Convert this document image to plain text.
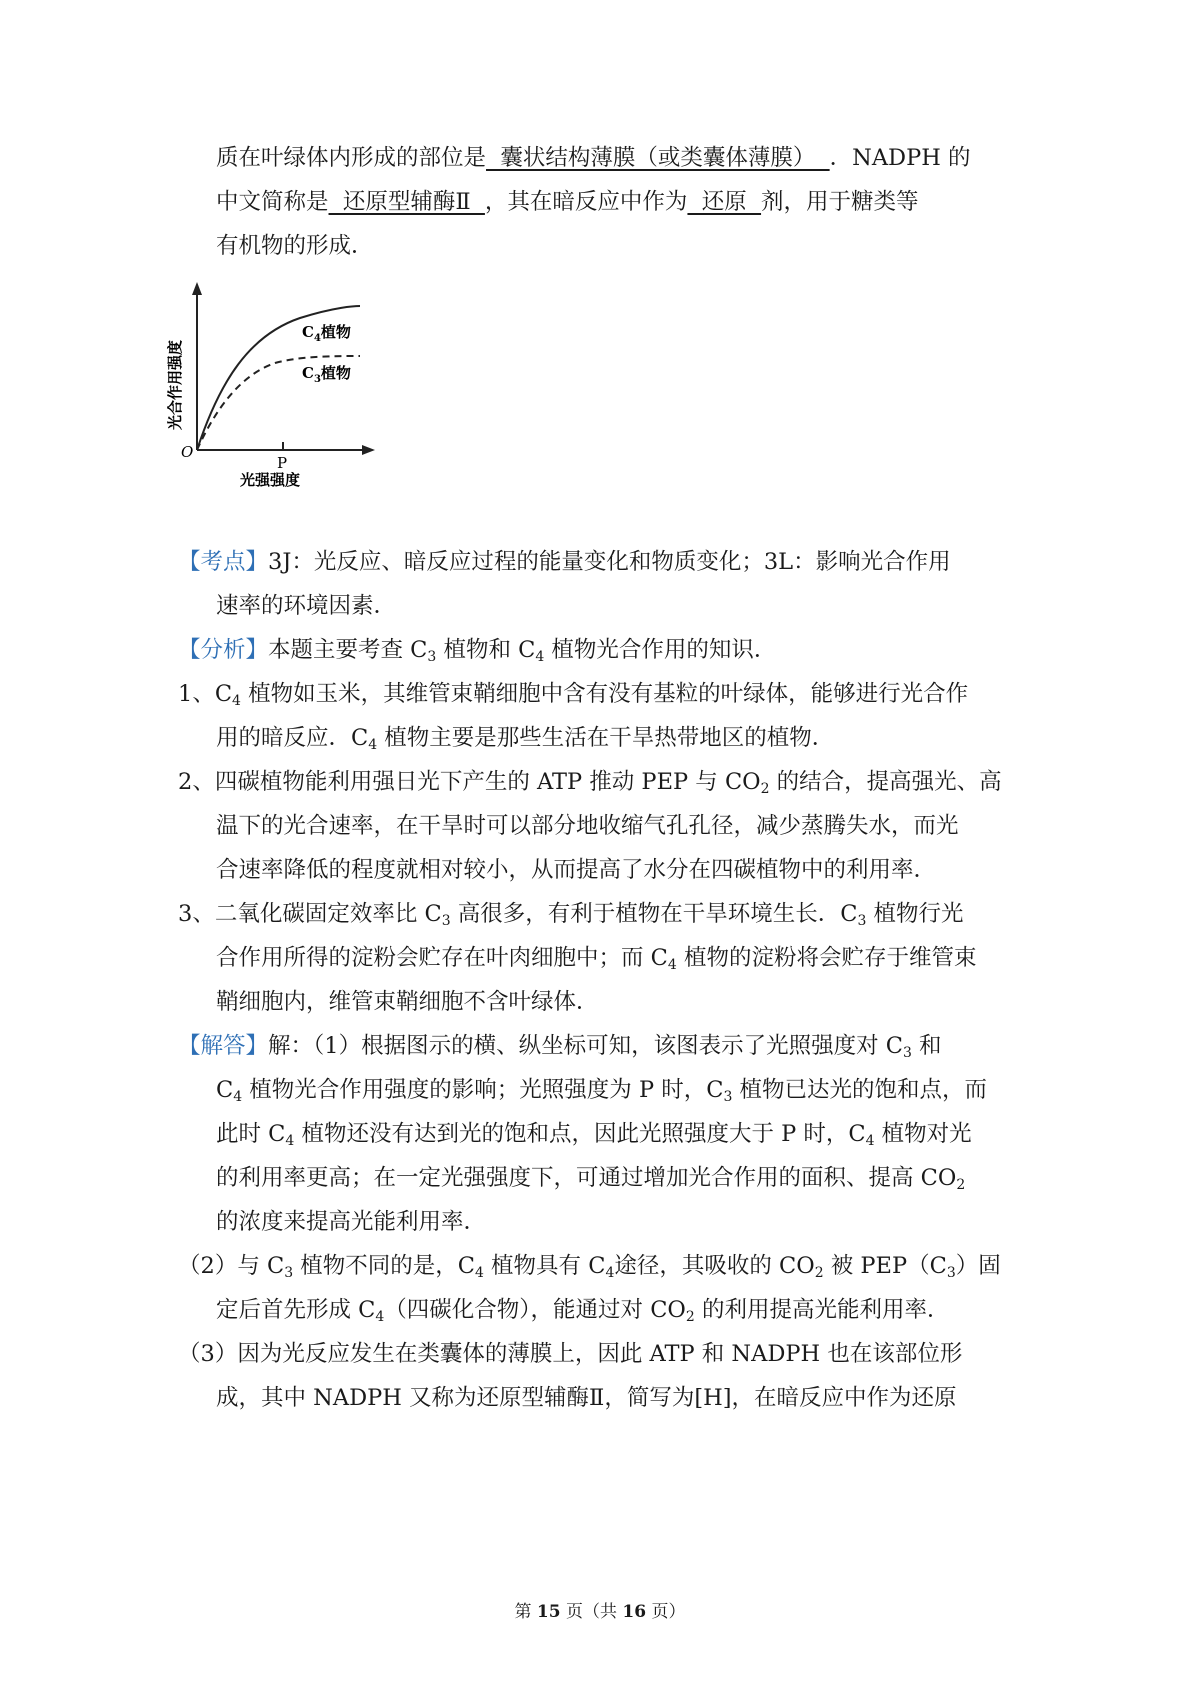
质在叶绿体内形成的部位是  囊状结构薄膜（或类囊体薄膜）  ．NADPH 的
中文简称是  还原型辅酶Ⅱ  ，其在暗反应中作为  还原  剂，用于糖类等
有机物的形成．
P
O
光合作用强度
光强强度
$C_4$植物
$C_3$植物
【考点】3J：光反应、暗反应过程的能量变化和物质变化；3L：影响光合作用
速率的环境因素．
【分析】本题主要考查 $C_3$ 植物和 $C_4$ 植物光合作用的知识．
1、$C_4$ 植物如玉米，其维管束鞘细胞中含有没有基粒的叶绿体，能够进行光合作
用的暗反应．$C_4$ 植物主要是那些生活在干旱热带地区的植物．
2、四碳植物能利用强日光下产生的 ATP 推动 PEP 与 $CO_2$ 的结合，提高强光、高
温下的光合速率，在干旱时可以部分地收缩气孔孔径，减少蒸腾失水，而光
合速率降低的程度就相对较小，从而提高了水分在四碳植物中的利用率．
3、二氧化碳固定效率比 $C_3$ 高很多，有利于植物在干旱环境生长．$C_3$ 植物行光
合作用所得的淀粉会贮存在叶肉细胞中；而 $C_4$ 植物的淀粉将会贮存于维管束
鞘细胞内，维管束鞘细胞不含叶绿体．
【解答】解：（1）根据图示的横、纵坐标可知，该图表示了光照强度对 $C_3$ 和
$C_4$ 植物光合作用强度的影响；光照强度为 P 时，$C_3$ 植物已达光的饱和点，而
此时 $C_4$ 植物还没有达到光的饱和点，因此光照强度大于 P 时，$C_4$ 植物对光
的利用率更高；在一定光强强度下，可通过增加光合作用的面积、提高 $CO_2$
的浓度来提高光能利用率．
（2）与 $C_3$ 植物不同的是，$C_4$ 植物具有 $C_4$途径，其吸收的 $CO_2$ 被 $PEP(C_3)$固
定后首先形成 $C_4$（四碳化合物），能通过对 $CO_2$ 的利用提高光能利用率．
（3）因为光反应发生在类囊体的薄膜上，因此 ATP 和 NADPH 也在该部位形
成，其中 NADPH 又称为还原型辅酶Ⅱ，简写为[H]，在暗反应中作为还原
第 15 页（共 16 页）
